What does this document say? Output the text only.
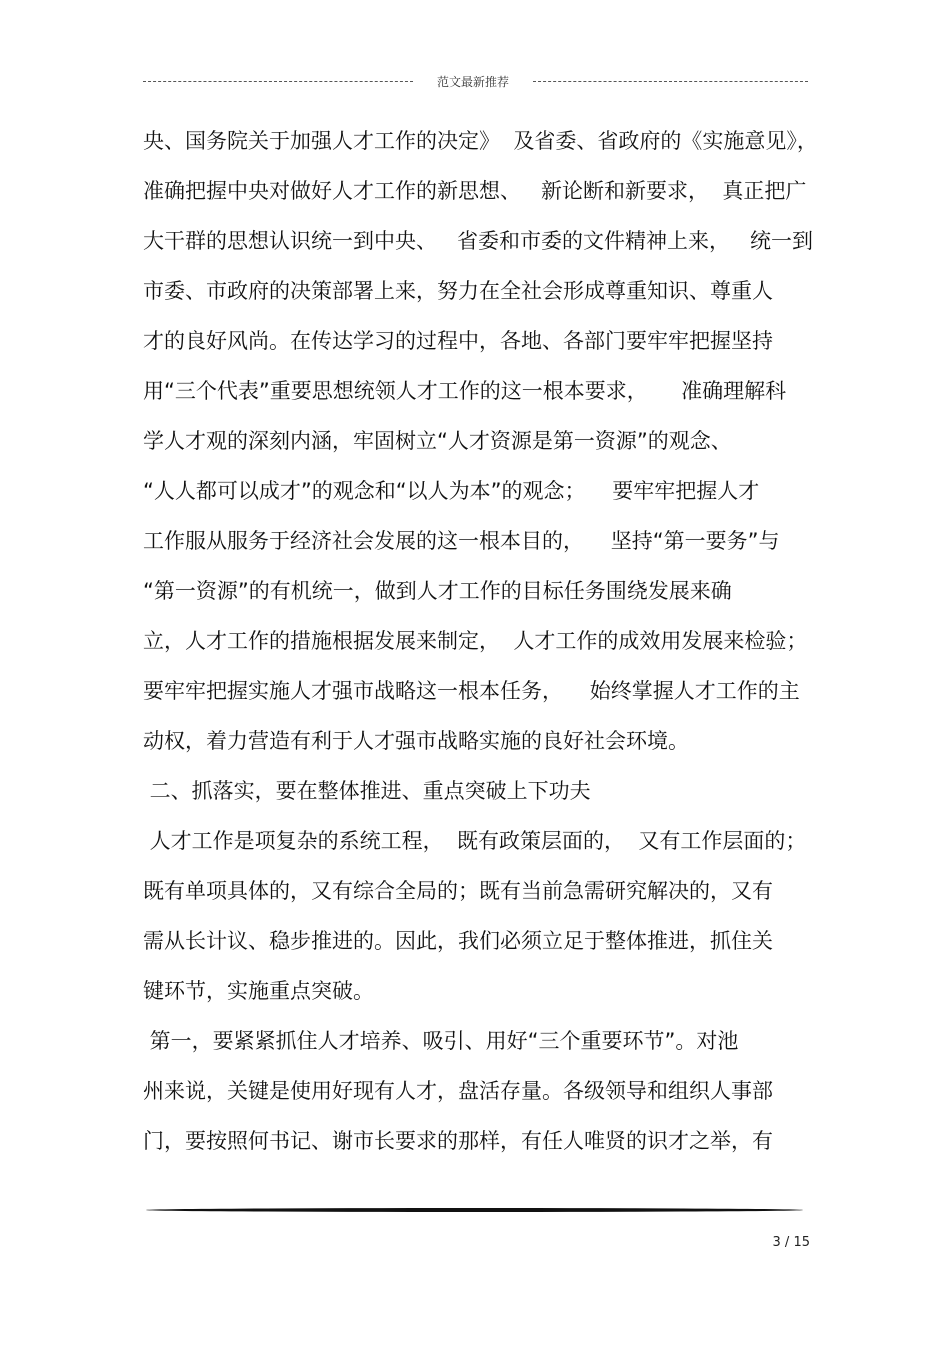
范文最新推荐
央、国务院关于加强人才工作的决定》  及省委、省政府的《实施意见》，
准确把握中央对做好人才工作的新思想、   新论断和新要求，  真正把广
大干群的思想认识统一到中央、   省委和市委的文件精神上来，   统一到
市委、市政府的决策部署上来，努力在全社会形成尊重知识、尊重人
才的良好风尚。在传达学习的过程中，各地、各部门要牢牢把握坚持
用“三个代表”重要思想统领人才工作的这一根本要求，     准确理解科
学人才观的深刻内涵，牢固树立“人才资源是第一资源”的观念、
“人人都可以成才”的观念和“以人为本”的观念；    要牢牢把握人才
工作服从服务于经济社会发展的这一根本目的，    坚持“第一要务”与
“第一资源”的有机统一，做到人才工作的目标任务围绕发展来确
立，人才工作的措施根据发展来制定，  人才工作的成效用发展来检验；
要牢牢把握实施人才强市战略这一根本任务，    始终掌握人才工作的主
动权，着力营造有利于人才强市战略实施的良好社会环境。
二、抓落实，要在整体推进、重点突破上下功夫
人才工作是项复杂的系统工程，  既有政策层面的，  又有工作层面的；
既有单项具体的，又有综合全局的；既有当前急需研究解决的，又有
需从长计议、稳步推进的。因此，我们必须立足于整体推进，抓住关
键环节，实施重点突破。
第一，要紧紧抓住人才培养、吸引、用好“三个重要环节”。对池
州来说，关键是使用好现有人才，盘活存量。各级领导和组织人事部
门，要按照何书记、谢市长要求的那样，有任人唯贤的识才之举，有
3 / 15
